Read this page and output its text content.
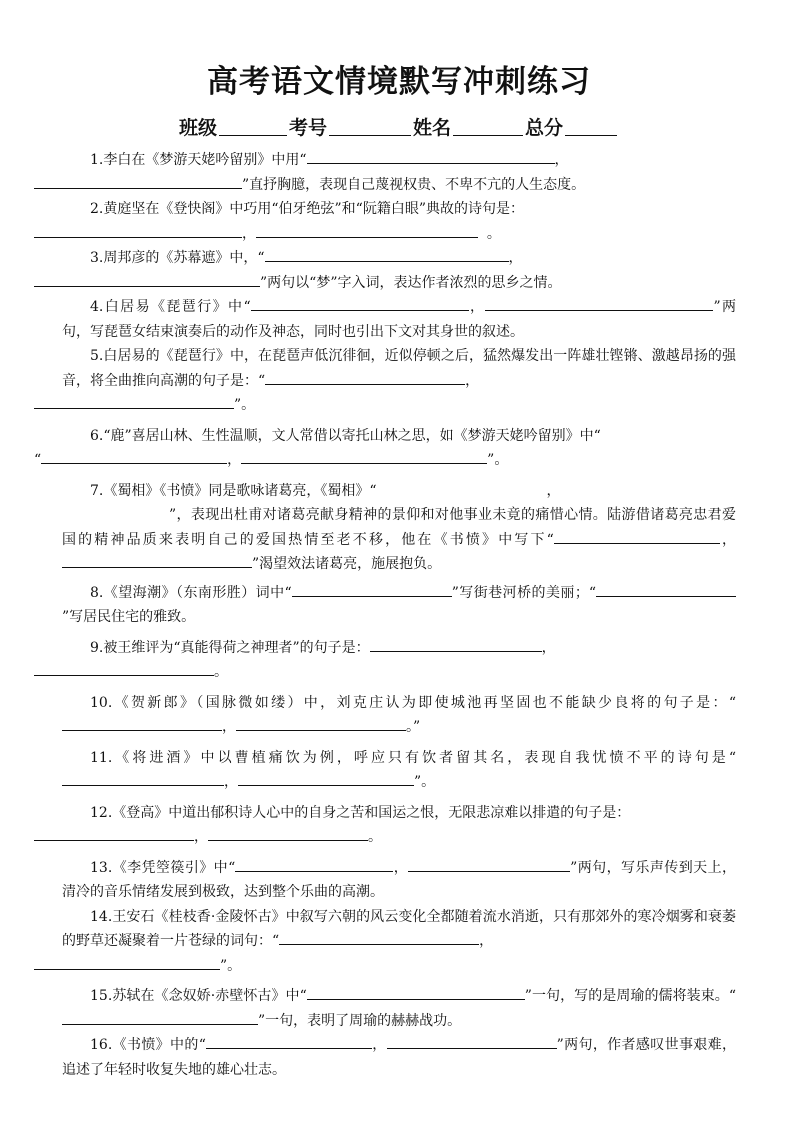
高考语文情境默写冲刺练习
班级	考号	姓名	总分
1.李白在《梦游天姥吟留别》中用“	，
”直抒胸臆，表现自己蔑视权贵、不卑不亢的人生态度。
2.黄庭坚在《登快阁》中巧用“伯牙绝弦”和“阮籍白眼”典故的诗句是：
，	。
3.周邦彦的《苏幕遮》中，“	，
”两句以“梦”字入词，表达作者浓烈的思乡之情。
4.白居易《琵琶行》中“	，	”两句，写琵琶女结束演奏后的动作及神态，同时也引出下文对其身世的叙述。
5.白居易的《琵琶行》中，在琵琶声低沉徘徊，近似停顿之后，猛然爆发出一阵雄壮铿锵、激越昂扬的强音，将全曲推向高潮的句子是：“	，
”。
6.“鹿”喜居山林、生性温顺，文人常借以寄托山林之思，如《梦游天姥吟留别》中“
“	，	”。
7.《蜀相》《书愤》同是歌咏诸葛亮，《蜀相》“	，
”，表现出杜甫对诸葛亮献身精神的景仰和对他事业未竟的痛惜心情。陆游借诸葛亮忠君爱国的精神品质来表明自己的爱国热情至老不移，他在《书愤》中写下“	，”渴望效法诸葛亮，施展抱负。
8.《望海潮》（东南形胜）词中“	”写街巷河桥的美丽；“”写居民住宅的雅致。
9.被王维评为“真能得荷之神理者”的句子是：	，
。
10.《贺新郎》（国脉微如缕）中，刘克庄认为即使城池再坚固也不能缺少良将的句子是：“，	。”
11.《将进酒》中以曹植痛饮为例，呼应只有饮者留其名，表现自我忧愤不平的诗句是“，	”。
12.《登高》中道出郁积诗人心中的自身之苦和国运之恨，无限悲凉难以排遣的句子是：
，	。
13.《李凭箜篌引》中“	，	”两句，写乐声传到天上，清冷的音乐情绪发展到极致，达到整个乐曲的高潮。
14.王安石《桂枝香·金陵怀古》中叙写六朝的风云变化全都随着流水消逝，只有那郊外的寒冷烟雾和衰萎的野草还凝聚着一片苍绿的词句：“	，
”。
15.苏轼在《念奴娇·赤壁怀古》中“	”一句，写的是周瑜的儒将装束。“”一句，表明了周瑜的赫赫战功。
16.《书愤》中的“	，	”两句，作者感叹世事艰难，追述了年轻时收复失地的雄心壮志。
